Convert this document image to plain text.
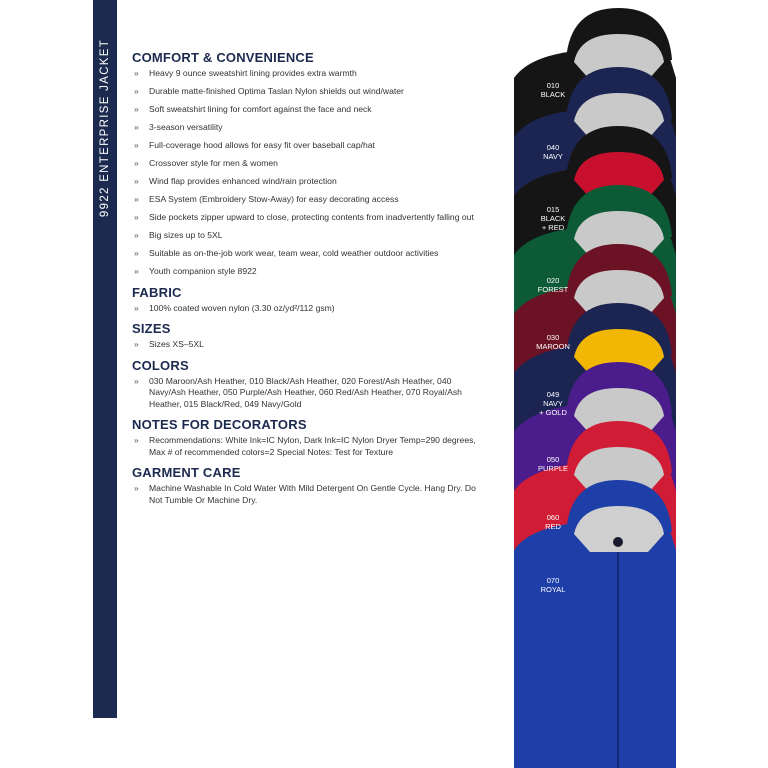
9922 ENTERPRISE JACKET COMFORT & CONVENIENCE
» Heavy 9 ounce sweatshirt lining provides extra warmth
» Durable matte-finished Optima Taslan Nylon shields out wind/water
» Soft sweatshirt lining for comfort against the face and neck
» 3-season versatility
» Full-coverage hood allows for easy fit over baseball cap/hat
» Crossover style for men & women
» Wind flap provides enhanced wind/rain protection
» ESA System (Embroidery Stow-Away) for easy decorating access
» Side pockets zipper upward to close, protecting contents from inadvertently falling out
» Big sizes up to 5XL
» Suitable as on-the-job work wear, team wear, cold weather outdoor activities
» Youth companion style 8922
FABRIC
» 100% coated woven nylon (3.30 oz/yd²/112 gsm)
SIZES
» Sizes XS–5XL
COLORS
» 030 Maroon/Ash Heather, 010 Black/Ash Heather, 020 Forest/Ash Heather, 040 Navy/Ash Heather, 050 Purple/Ash Heather, 060 Red/Ash Heather, 070 Royal/Ash Heather, 015 Black/Red, 049 Navy/Gold
NOTES FOR DECORATORS
» Recommendations: White Ink=IC Nylon, Dark Ink=IC Nylon Dryer Temp=290 degrees, Max # of recommended colors=2 Special Notes: Test for Texture
GARMENT CARE
» Machine Washable In Cold Water With Mild Detergent On Gentle Cycle. Hang Dry. Do Not Tumble Or Machine Dry.
010 BLACK
040 NAVY
015 BLACK + RED
020 FOREST
030 MAROON
049 NAVY + GOLD
050 PURPLE
060 RED
070 ROYAL
